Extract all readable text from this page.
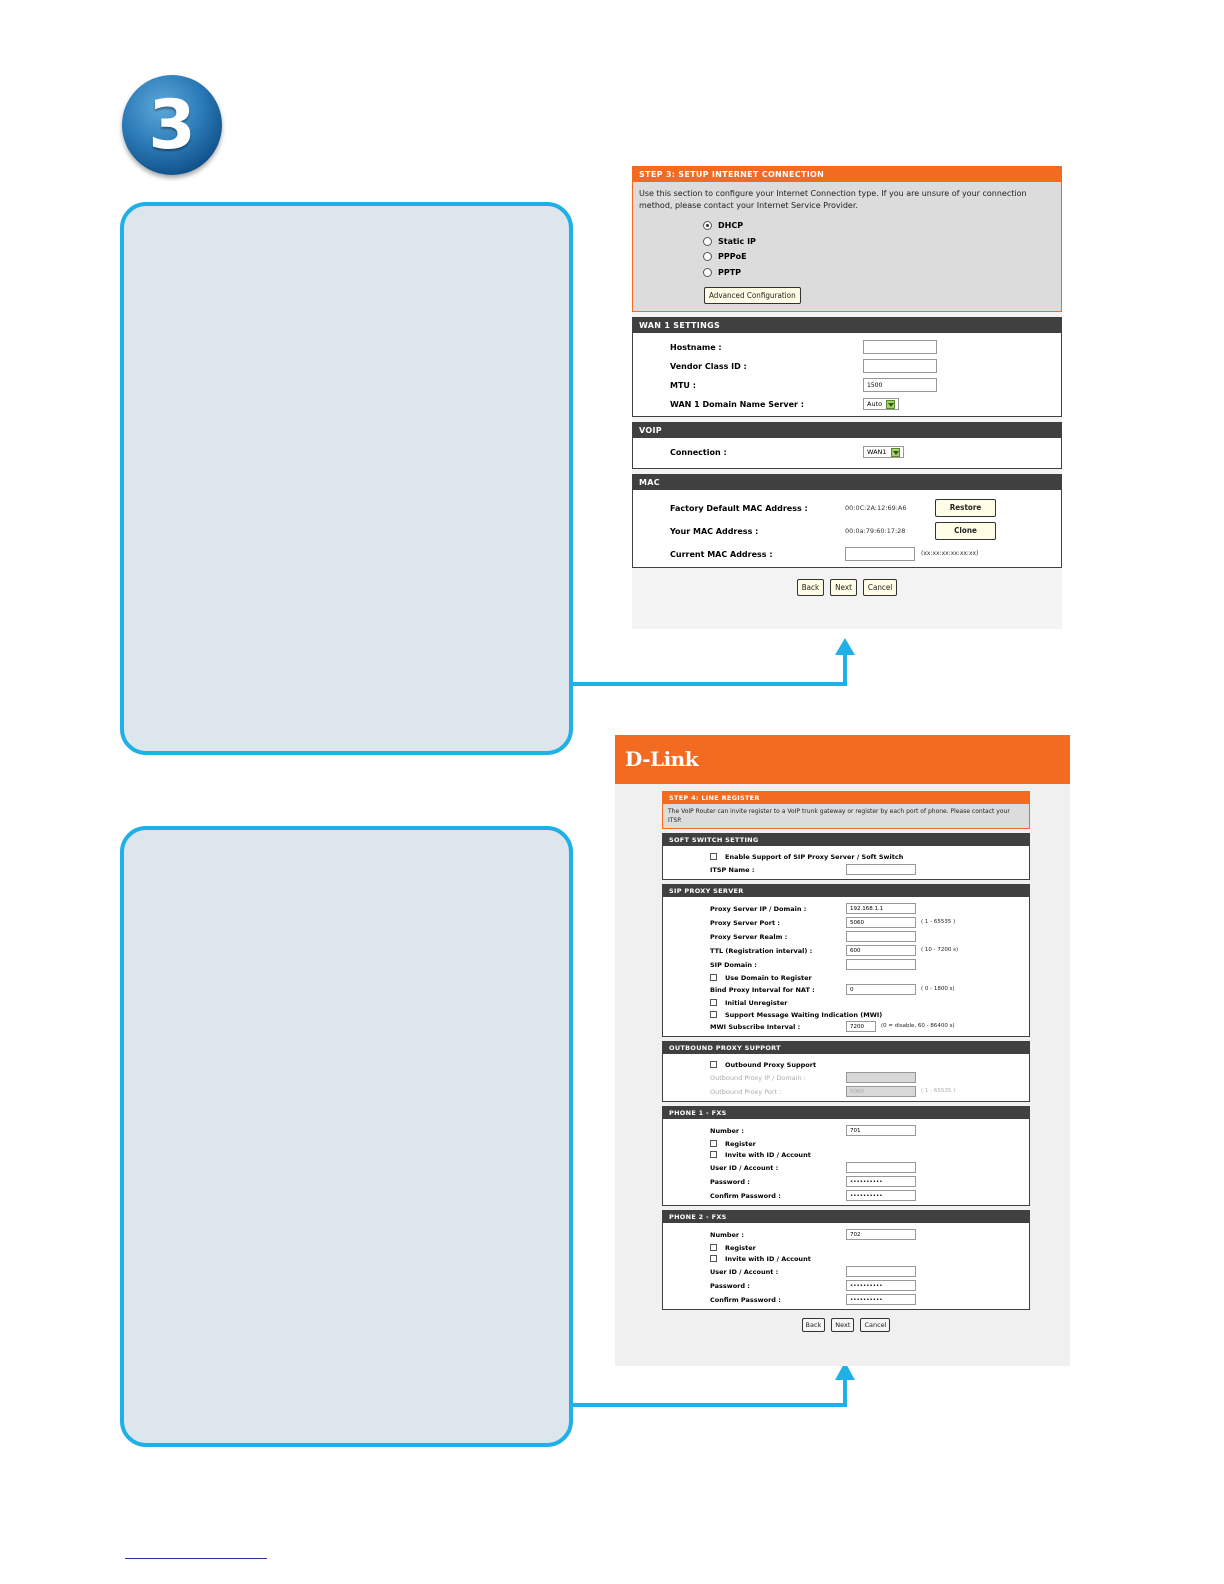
3
STEP 3: SETUP INTERNET CONNECTION
Use this section to configure your Internet Connection type. If you are unsure of your connection method, please contact your Internet Service Provider.
DHCP
Static IP
PPPoE
PPTP
Advanced Configuration
WAN 1 SETTINGS
Hostname :
Vendor Class ID :
MTU :	1500
WAN 1 Domain Name Server :	Auto
VOIP
Connection :	WAN1
MAC
Factory Default MAC Address :	00:0C:2A:12:69:A6	Restore
Your MAC Address :	00:0a:79:60:17:28	Clone
Current MAC Address :	(xx:xx:xx:xx:xx:xx)
Back	Next	Cancel
D-Link
STEP 4: LINE REGISTER
The VoIP Router can invite register to a VoIP trunk gateway or register by each port of phone. Please contact your ITSP.
SOFT SWITCH SETTING
Enable Support of SIP Proxy Server / Soft Switch
ITSP Name :
SIP PROXY SERVER
Proxy Server IP / Domain :	192.168.1.1
Proxy Server Port :	5060	( 1 - 65535 )
Proxy Server Realm :
TTL (Registration interval) :	600	( 10 - 7200 s)
SIP Domain :
Use Domain to Register
Bind Proxy Interval for NAT :	0	( 0 - 1800 s)
Initial Unregister
Support Message Waiting Indication (MWI)
MWI Subscribe Interval :	7200	(0 = disable, 60 - 86400 s)
OUTBOUND PROXY SUPPORT
Outbound Proxy Support
Outbound Proxy IP / Domain :
Outbound Proxy Port :	5060	( 1 - 65535 )
PHONE 1 - FXS
Number :	701
Register
Invite with ID / Account
User ID / Account :
Password :	••••••••••
Confirm Password :	••••••••••
PHONE 2 - FXS
Number :	702
Register
Invite with ID / Account
User ID / Account :
Password :	••••••••••
Confirm Password :	••••••••••
Back	Next	Cancel
